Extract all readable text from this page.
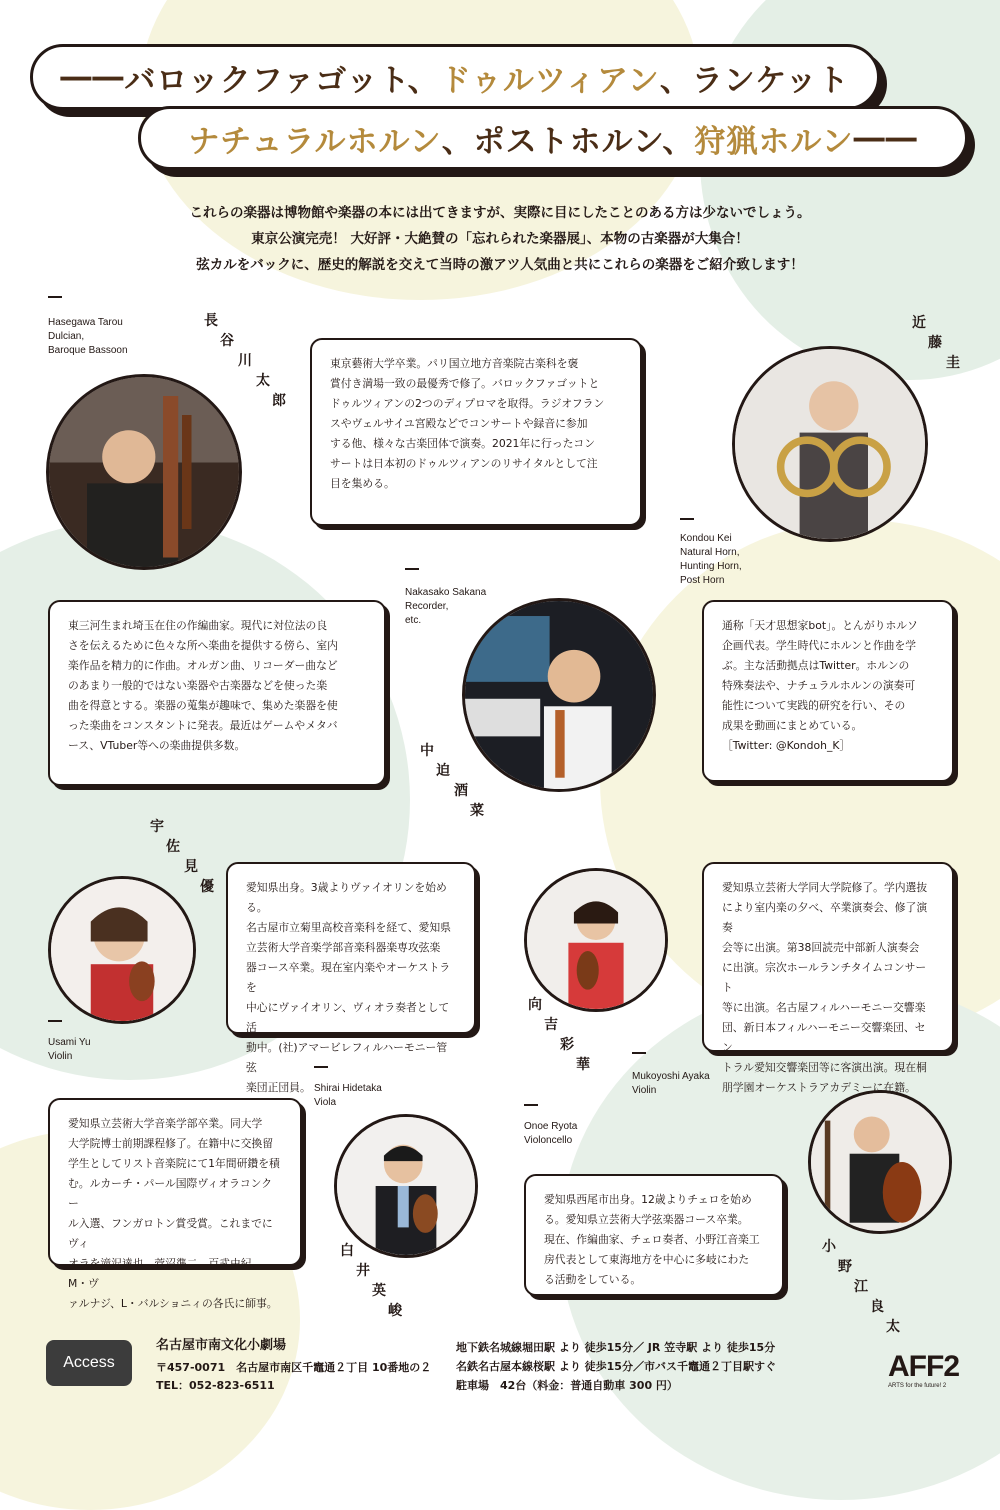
―― バロックファゴット、 ドゥルツィアン 、ランケット
ナチュラルホルン 、ポストホルン、 狩猟ホルン ――
これらの楽器は博物館や楽器の本には出てきますが、実際に目にしたことのある方は少ないでしょう。
東京公演完売！ 大好評・大絶賛の「忘れられた楽器展」、本物の古楽器が大集合！
弦カルをバックに、歴史的解説を交えて当時の激アツ人気曲と共にこれらの楽器をご紹介致します！
Hasegawa Tarou
Dulcian,
Baroque Bassoon

東京藝術大学卒業。パリ国立地方音楽院古楽科を褒
賞付き満場一致の最優秀で修了。バロックファゴットと
ドゥルツィアンの2つのディプロマを取得。ラジオフラン
スやヴェルサイユ宮殿などでコンサートや録音に参加
する他、様々な古楽団体で演奏。2021年に行ったコン
サートは日本初のドゥルツィアンのリサイタルとして注
目を集める。

長
谷
川
太
郎
近
藤
圭
Kondou Kei
Natural Horn,
Hunting Horn,
Post Horn

通称「天才思想家bot」。とんがりホルソ
企画代表。学生時代にホルンと作曲を学
ぶ。主な活動拠点はTwitter。ホルンの
特殊奏法や、ナチュラルホルンの演奏可
能性について実践的研究を行い、その
成果を動画にまとめている。
［Twitter: @Kondoh_K］

Nakasako Sakana
Recorder,
etc.

東三河生まれ埼玉在住の作編曲家。現代に対位法の良
さを伝えるために色々な所へ楽曲を提供する傍ら、室内
楽作品を精力的に作曲。オルガン曲、リコーダー曲など
のあまり一般的ではない楽器や古楽器などを使った楽
曲を得意とする。楽器の蒐集が趣味で、集めた楽器を使
った楽曲をコンスタントに発表。最近はゲームやメタバ
ース、VTuber等への楽曲提供多数。	中
迫
酒
菜
宇
佐
見
優	愛知県出身。3歳よりヴァイオリンを始める。
名古屋市立菊里高校音楽科を経て、愛知県
立芸術大学音楽学部音楽科器楽専攻弦楽
器コース卒業。現在室内楽やオーケストラを
中心にヴァイオリン、ヴィオラ奏者として活
動中。(社)アマービレフィルハーモニー管弦
楽団正団員。

Usami Yu
Violin

愛知県立芸術大学同大学院修了。学内選抜
により室内楽の夕べ、卒業演奏会、修了演奏
会等に出演。第38回読売中部新人演奏会
に出演。宗次ホールランチタイムコンサート
等に出演。名古屋フィルハーモニー交響楽
団、新日本フィルハーモニー交響楽団、セン
トラル愛知交響楽団等に客演出演。現在桐
朋学園オーケストラアカデミーに在籍。

向
吉
彩
華
Mukoyoshi Ayaka
Violin
Shirai Hidetaka
Viola

愛知県立芸術大学音楽学部卒業。同大学
大学院博士前期課程修了。在籍中に交換留
学生としてリスト音楽院にて1年間研鑽を積
む。ルカーチ・パール国際ヴィオラコンクー
ル入選、フンガロトン賞受賞。これまでにヴィ
オラを滝沢達也、菅沼準二、百武由紀、M・ヴ
ァルナジ、L・バルショニィの各氏に師事。

白
井
英
峻
Onoe Ryota
Violoncello

愛知県西尾市出身。12歳よりチェロを始め
る。愛知県立芸術大学弦楽器コース卒業。
現在、作編曲家、チェロ奏者、小野江音楽工
房代表として東海地方を中心に多岐にわた
る活動をしている。

小
野
江
良
太
Access
名古屋市南文化小劇場
〒457-0071　名古屋市南区千竈通２丁目 10番地の２
TEL：052-823-6511
地下鉄名城線堀田駅 より 徒歩15分／ JR 笠寺駅 より 徒歩15分
名鉄名古屋本線桜駅 より 徒歩15分／市バス千竈通２丁目駅すぐ
駐車場　42台（料金：普通自動車 300 円）
AFF2
ARTS for the future! 2
